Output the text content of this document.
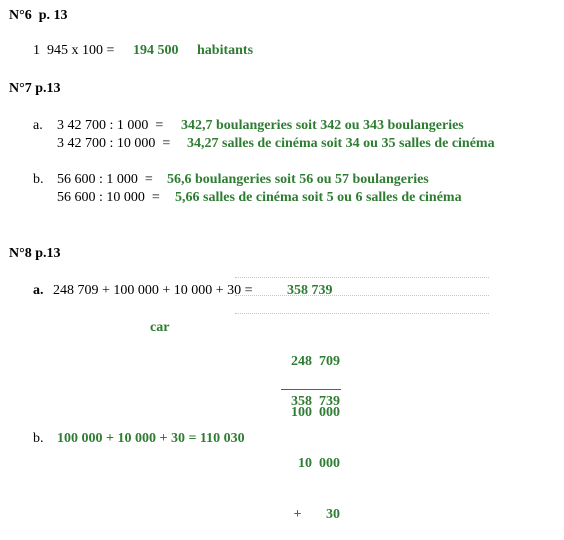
N°6  p. 13
1  945 x 100 = 194 500 habitants
N°7 p.13
a. 3 42 700 : 1 000  = 342,7 boulangeries soit 342 ou 343 boulangeries
3 42 700 : 10 000  = 34,27 salles de cinéma soit 34 ou 35 salles de cinéma
b. 56 600 : 1 000  = 56,6 boulangeries soit 56 ou 57 boulangeries
56 600 : 10 000  = 5,66 salles de cinéma soit 5 ou 6 salles de cinéma
N°8 p.13
a. 248 709 + 100 000 + 10 000 + 30 = 358 739
car

248  709

100  000

10  000

+       30

358  739
b. 100 000 + 10 000 + 30 = 110 030
